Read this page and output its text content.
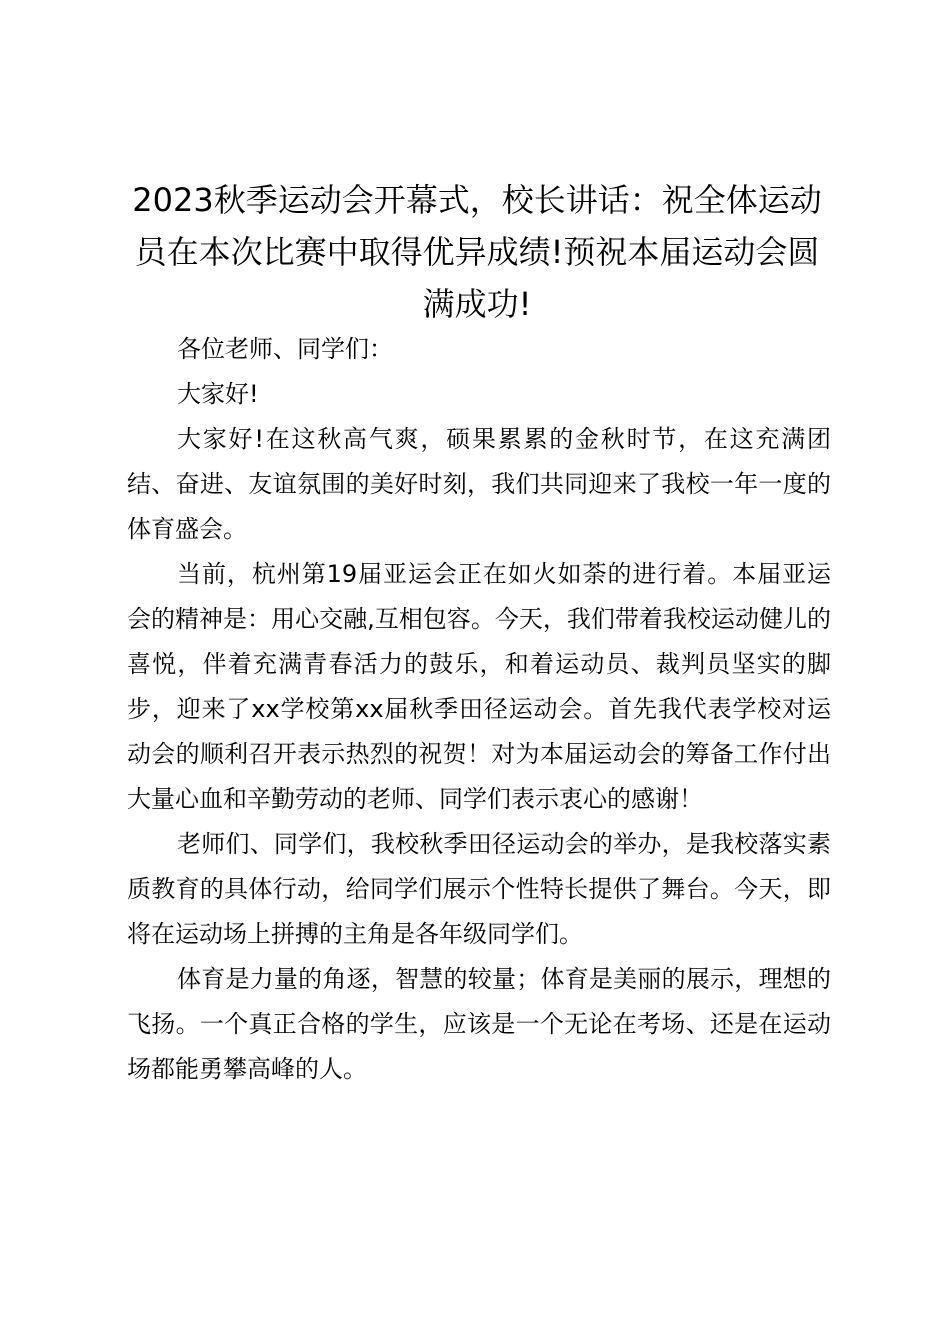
2023秋季运动会开幕式，校长讲话：祝全体运动员在本次比赛中取得优异成绩!预祝本届运动会圆满成功!

各位老师、同学们：

大家好!

大家好!在这秋高气爽，硕果累累的金秋时节，在这充满团结、奋进、友谊氛围的美好时刻，我们共同迎来了我校一年一度的体育盛会。

当前，杭州第19届亚运会正在如火如荼的进行着。本届亚运会的精神是：用心交融,互相包容。今天，我们带着我校运动健儿的喜悦，伴着充满青春活力的鼓乐，和着运动员、裁判员坚实的脚步，迎来了xx学校第xx届秋季田径运动会。首先我代表学校对运动会的顺利召开表示热烈的祝贺！对为本届运动会的筹备工作付出大量心血和辛勤劳动的老师、同学们表示衷心的感谢！

老师们、同学们，我校秋季田径运动会的举办，是我校落实素质教育的具体行动，给同学们展示个性特长提供了舞台。今天，即将在运动场上拼搏的主角是各年级同学们。

体育是力量的角逐，智慧的较量；体育是美丽的展示，理想的飞扬。一个真正合格的学生，应该是一个无论在考场、还是在运动场都能勇攀高峰的人。
